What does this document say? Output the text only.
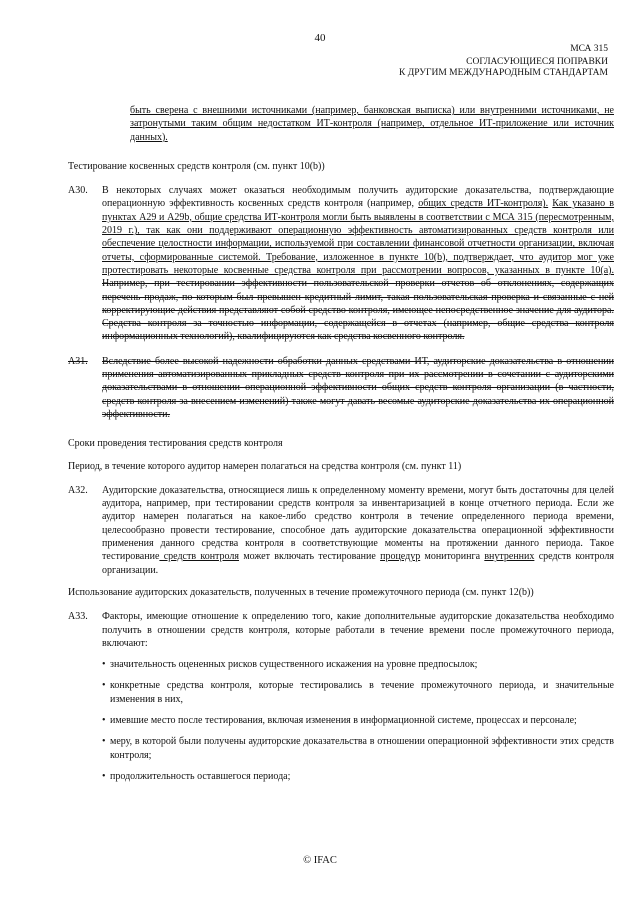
40
МСА 315
СОГЛАСУЮЩИЕСЯ ПОПРАВКИ
К ДРУГИМ МЕЖДУНАРОДНЫМ СТАНДАРТАМ

быть сверена с внешними источниками (например, банковская выписка) или внутренними источниками, не затронутыми таким общим недостатком ИТ-контроля (например, отдельное ИТ-приложение или источник данных).

Тестирование косвенных средств контроля (см. пункт 10(b))

A30.	В некоторых случаях может оказаться необходимым получить аудиторские доказательства, подтверждающие операционную эффективность косвенных средств контроля (например, общих средств ИТ-контроля). Как указано в пунктах A29 и A29b, общие средства ИТ-контроля могли быть выявлены в соответствии с МСА 315 (пересмотренным, 2019 г.), так как они поддерживают операционную эффективность автоматизированных средств контроля или обеспечение целостности информации, используемой при составлении финансовой отчетности организации, включая отчеты, сформированные системой. Требование, изложенное в пункте 10(b), подтверждает, что аудитор мог уже протестировать некоторые косвенные средства контроля при рассмотрении вопросов, указанных в пункте 10(a). Например, при тестировании эффективности пользовательской проверки отчетов об отклонениях, содержащих перечень продаж, по которым был превышен кредитный лимит, такая пользовательская проверка и связанные с ней корректирующие действия представляют собой средство контроля, имеющее непосредственное значение для аудитора. Средства контроля за точностью информации, содержащейся в отчетах (например, общие средства контроля информационных технологий), квалифицируются как средства косвенного контроля.

A31.	Вследствие более высокой надежности обработки данных средствами ИТ, аудиторские доказательства в отношении применения автоматизированных прикладных средств контроля при их рассмотрении в сочетании с аудиторскими доказательствами в отношении операционной эффективности общих средств контроля организации (в частности, средств контроля за внесением изменений) также могут давать весомые аудиторские доказательства их операционной эффективности.

Сроки проведения тестирования средств контроля

Период, в течение которого аудитор намерен полагаться на средства контроля (см. пункт 11)

A32.	Аудиторские доказательства, относящиеся лишь к определенному моменту времени, могут быть достаточны для целей аудитора, например, при тестировании средств контроля за инвентаризацией в конце отчетного периода. Если же аудитор намерен полагаться на какое-либо средство контроля в течение определенного периода времени, целесообразно провести тестирование, способное дать аудиторские доказательства операционной эффективности применения данного средства контроля в соответствующие моменты на протяжении данного периода. Такое тестирование средств контроля может включать тестирование процедур мониторинга внутренних средств контроля организации.

Использование аудиторских доказательств, полученных в течение промежуточного периода (см. пункт 12(b))

A33.	Факторы, имеющие отношение к определению того, какие дополнительные аудиторские доказательства необходимо получить в отношении средств контроля, которые работали в течение времени после промежуточного периода, включают:

• значительность оцененных рисков существенного искажения на уровне предпосылок;

• конкретные средства контроля, которые тестировались в течение промежуточного периода, и значительные изменения в них,

• имевшие место после тестирования, включая изменения в информационной системе, процессах и персонале;

• меру, в которой были получены аудиторские доказательства в отношении операционной эффективности этих средств контроля;

• продолжительность оставшегося периода;

© IFAC
